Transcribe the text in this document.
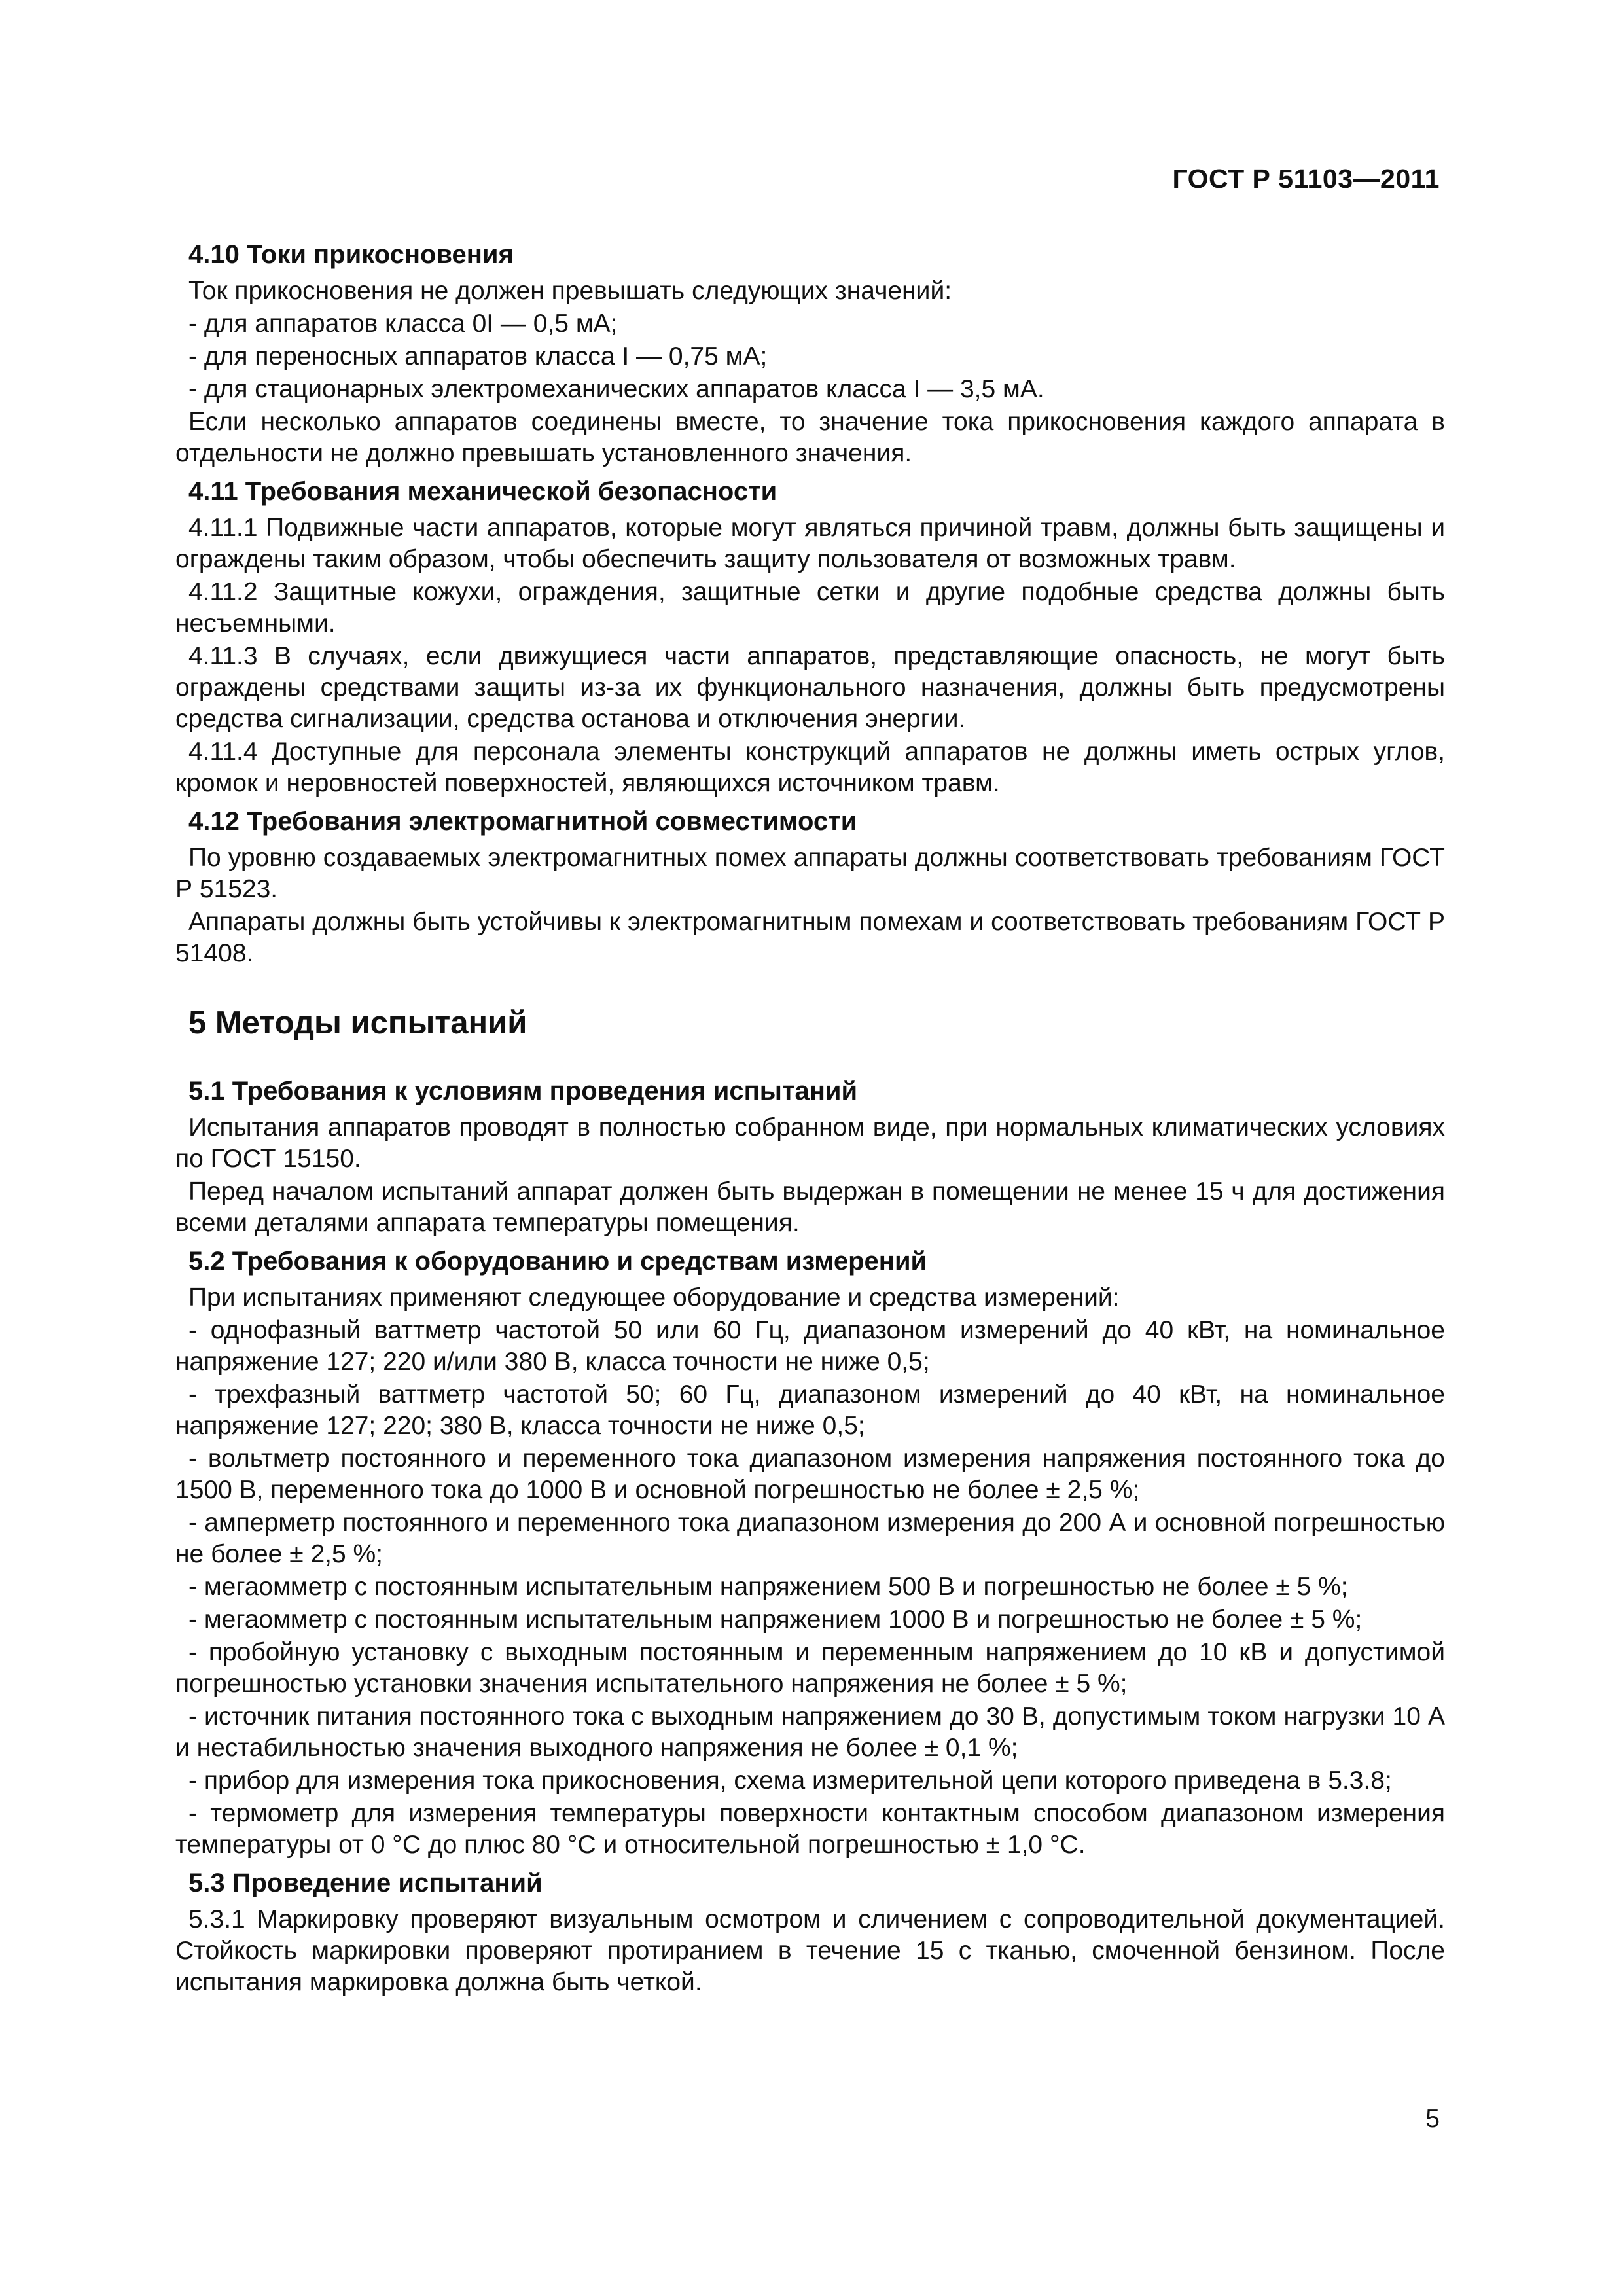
ГОСТ Р 51103—2011
4.10 Токи прикосновения

Ток прикосновения не должен превышать следующих значений:

- для аппаратов класса 0I — 0,5 мА;

- для переносных аппаратов класса I — 0,75 мА;

- для стационарных электромеханических аппаратов класса I — 3,5 мА.

Если несколько аппаратов соединены вместе, то значение тока прикосновения каждого аппарата в отдельности не должно превышать установленного значения.

4.11 Требования механической безопасности

4.11.1 Подвижные части аппаратов, которые могут являться причиной травм, должны быть защищены и ограждены таким образом, чтобы обеспечить защиту пользователя от возможных травм.

4.11.2 Защитные кожухи, ограждения, защитные сетки и другие подобные средства должны быть несъемными.

4.11.3 В случаях, если движущиеся части аппаратов, представляющие опасность, не могут быть ограждены средствами защиты из-за их функционального назначения, должны быть предусмотрены средства сигнализации, средства останова и отключения энергии.

4.11.4 Доступные для персонала элементы конструкций аппаратов не должны иметь острых углов, кромок и неровностей поверхностей, являющихся источником травм.

4.12 Требования электромагнитной совместимости

По уровню создаваемых электромагнитных помех аппараты должны соответствовать требованиям ГОСТ Р 51523.

Аппараты должны быть устойчивы к электромагнитным помехам и соответствовать требованиям ГОСТ Р 51408.

5 Методы испытаний
5.1 Требования к условиям проведения испытаний

Испытания аппаратов проводят в полностью собранном виде, при нормальных климатических условиях по ГОСТ 15150.

Перед началом испытаний аппарат должен быть выдержан в помещении не менее 15 ч для достижения всеми деталями аппарата температуры помещения.

5.2 Требования к оборудованию и средствам измерений

При испытаниях применяют следующее оборудование и средства измерений:

- однофазный ваттметр частотой 50 или 60 Гц, диапазоном измерений до 40 кВт, на номинальное напряжение 127; 220 и/или 380 В, класса точности не ниже 0,5;

- трехфазный ваттметр частотой 50; 60 Гц, диапазоном измерений до 40 кВт, на номинальное напряжение 127; 220; 380 В, класса точности не ниже 0,5;

- вольтметр постоянного и переменного тока диапазоном измерения напряжения постоянного тока до 1500 В, переменного тока до 1000 В и основной погрешностью не более ± 2,5 %;

- амперметр постоянного и переменного тока диапазоном измерения до 200 А и основной погрешностью не более ± 2,5 %;

- мегаомметр с постоянным испытательным напряжением 500 В и погрешностью не более ± 5 %;

- мегаомметр с постоянным испытательным напряжением 1000 В и погрешностью не более ± 5 %;

- пробойную установку с выходным постоянным и переменным напряжением до 10 кВ и допустимой погрешностью установки значения испытательного напряжения не более ± 5 %;

- источник питания постоянного тока с выходным напряжением до 30 В, допустимым током нагрузки 10 А и нестабильностью значения выходного напряжения не более ± 0,1 %;

- прибор для измерения тока прикосновения, схема измерительной цепи которого приведена в 5.3.8;

- термометр для измерения температуры поверхности контактным способом диапазоном измерения температуры от 0 °С до плюс 80 °С и относительной погрешностью ± 1,0 °С.

5.3 Проведение испытаний

5.3.1 Маркировку проверяют визуальным осмотром и сличением с сопроводительной документацией. Стойкость маркировки проверяют протиранием в течение 15 с тканью, смоченной бензином. После испытания маркировка должна быть четкой.

5
